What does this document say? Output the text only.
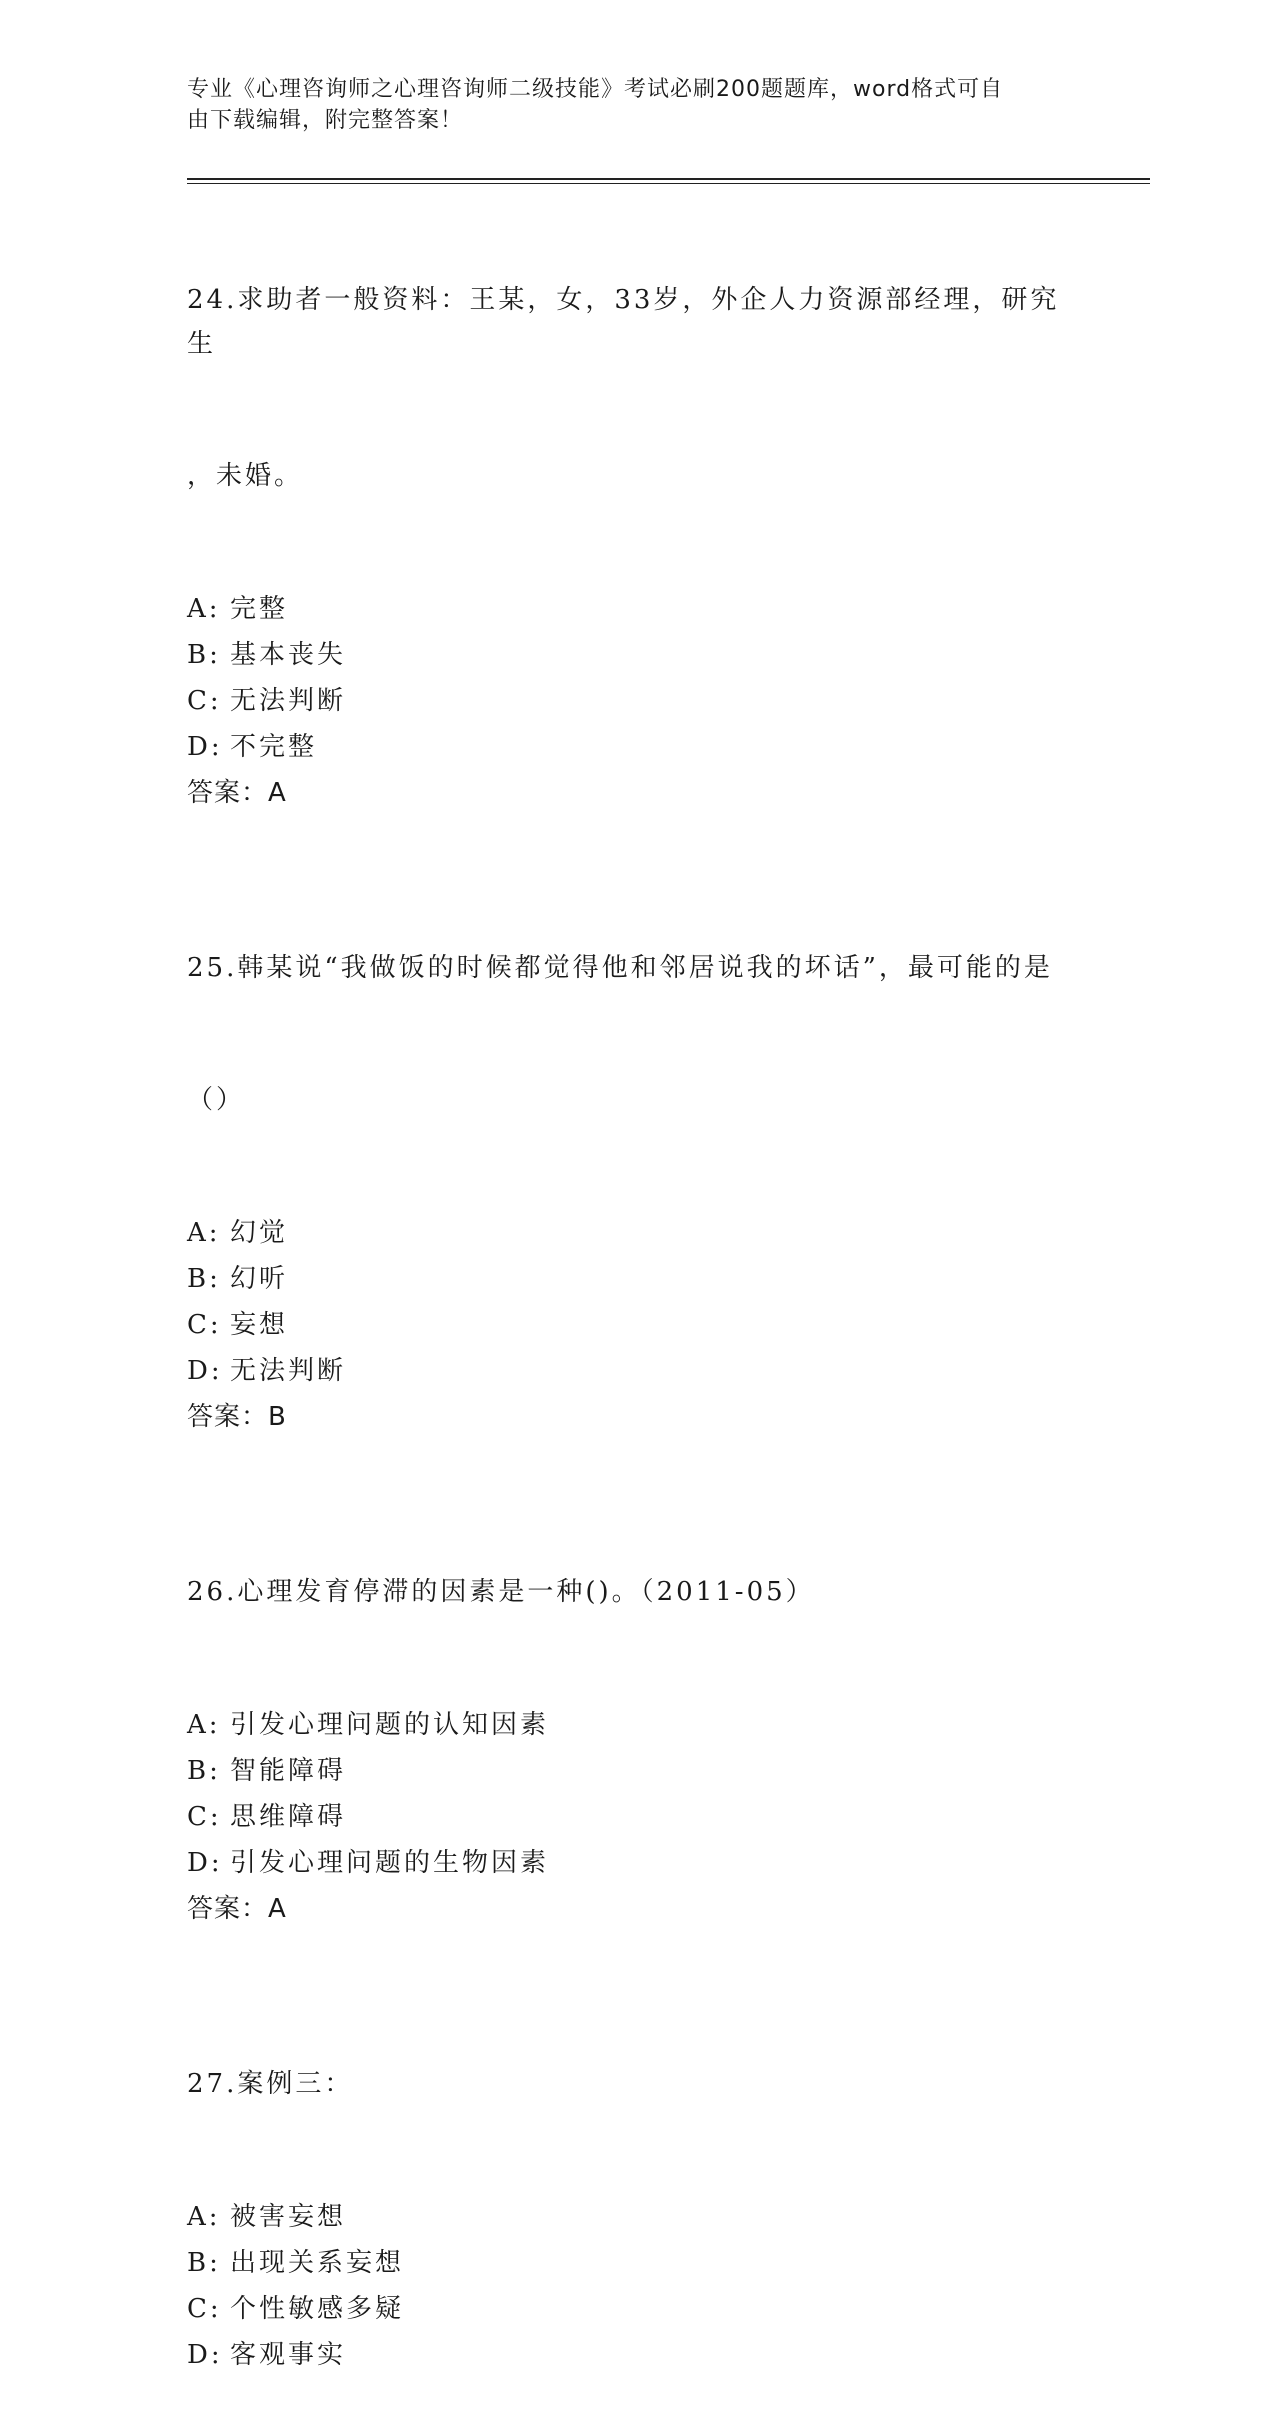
专业《心理咨询师之心理咨询师二级技能》考试必刷200题题库，word格式可自
由下载编辑，附完整答案！

24.求助者一般资料：王某，女，33岁，外企人力资源部经理，研究生

，未婚。

A: 完整
B: 基本丧失
C: 无法判断
D: 不完整
答案：A

25.韩某说“我做饭的时候都觉得他和邻居说我的坏话”，最可能的是

（）

A: 幻觉
B: 幻听
C: 妄想
D: 无法判断
答案：B

26.心理发育停滞的因素是一种()。（2011-05）

A: 引发心理问题的认知因素
B: 智能障碍
C: 思维障碍
D: 引发心理问题的生物因素
答案：A

27.案例三：

A: 被害妄想
B: 出现关系妄想
C: 个性敏感多疑
D: 客观事实
